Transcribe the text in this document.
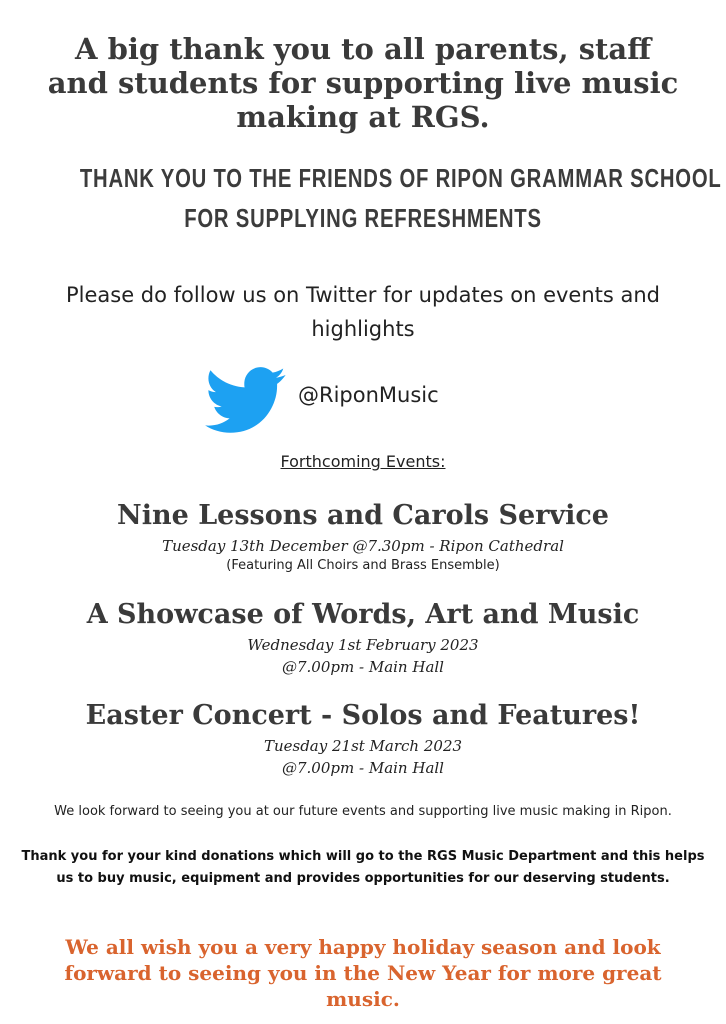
A big thank you to all parents, staff and students for supporting live music making at RGS.
THANK YOU TO THE FRIENDS OF RIPON GRAMMAR SCHOOL
FOR SUPPLYING REFRESHMENTS
Please do follow us on Twitter for updates on events and highlights
@RiponMusic
Forthcoming Events:
Nine Lessons and Carols Service
Tuesday 13th December @7.30pm - Ripon Cathedral
(Featuring All Choirs and Brass Ensemble)
A Showcase of Words, Art and Music
Wednesday 1st February 2023
@7.00pm - Main Hall
Easter Concert - Solos and Features!
Tuesday 21st March 2023
@7.00pm - Main Hall
We look forward to seeing you at our future events and supporting live music making in Ripon.
Thank you for your kind donations which will go to the RGS Music Department and this helps us to buy music, equipment and provides opportunities for our deserving students.
We all wish you a very happy holiday season and look forward to seeing you in the New Year for more great music.
